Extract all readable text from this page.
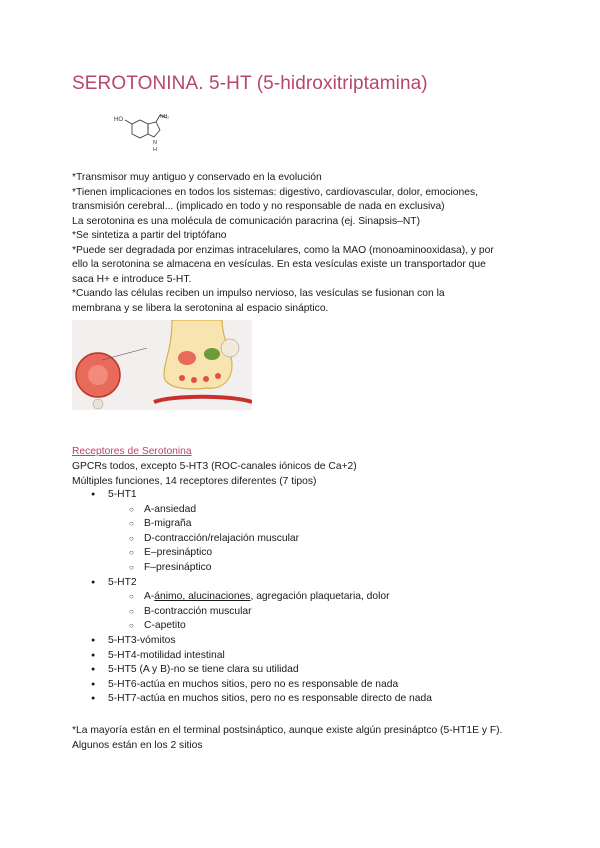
SEROTONINA. 5-HT (5-hidroxitriptamina)
HO	NH₂
N
H

*Transmisor muy antiguo y conservado en la evolución

*Tienen implicaciones en todos los sistemas: digestivo, cardiovascular, dolor, emociones,

transmisión cerebral... (implicado en todo y no responsable de nada en exclusiva)

La serotonina es una molécula de comunicación paracrina (ej. Sinapsis–NT)

*Se sintetiza a partir del triptófano

*Puede ser degradada por enzimas intracelulares, como la MAO (monoaminooxidasa), y por

ello la serotonina se almacena en vesículas. En esta vesículas existe un transportador que

saca H+ e introduce 5-HT.

*Cuando las células reciben un impulso nervioso, las vesículas se fusionan con la

membrana y se libera la serotonina al espacio sináptico.

Receptores de Serotonina

GPCRs todos, excepto 5-HT3 (ROC-canales iónicos de Ca+2)

Múltiples funciones, 14 receptores diferentes (7 tipos)

● 5-HT1
○ A-ansiedad
○ B-migraña
○ D-contracción/relajación muscular
○ E–presináptico
○ F–presináptico
● 5-HT2
○ A-ánimo, alucinaciones, agregación plaquetaria, dolor
○ B-contracción muscular
○ C-apetito
● 5-HT3-vómitos
● 5-HT4-motilidad intestinal
● 5-HT5 (A y B)-no se tiene clara su utilidad
● 5-HT6-actúa en muchos sitios, pero no es responsable de nada
● 5-HT7-actúa en muchos sitios, pero no es responsable directo de nada

*La mayoría están en el terminal postsináptico, aunque existe algún presináptco (5-HT1E y F). Algunos están en los 2 sitios
